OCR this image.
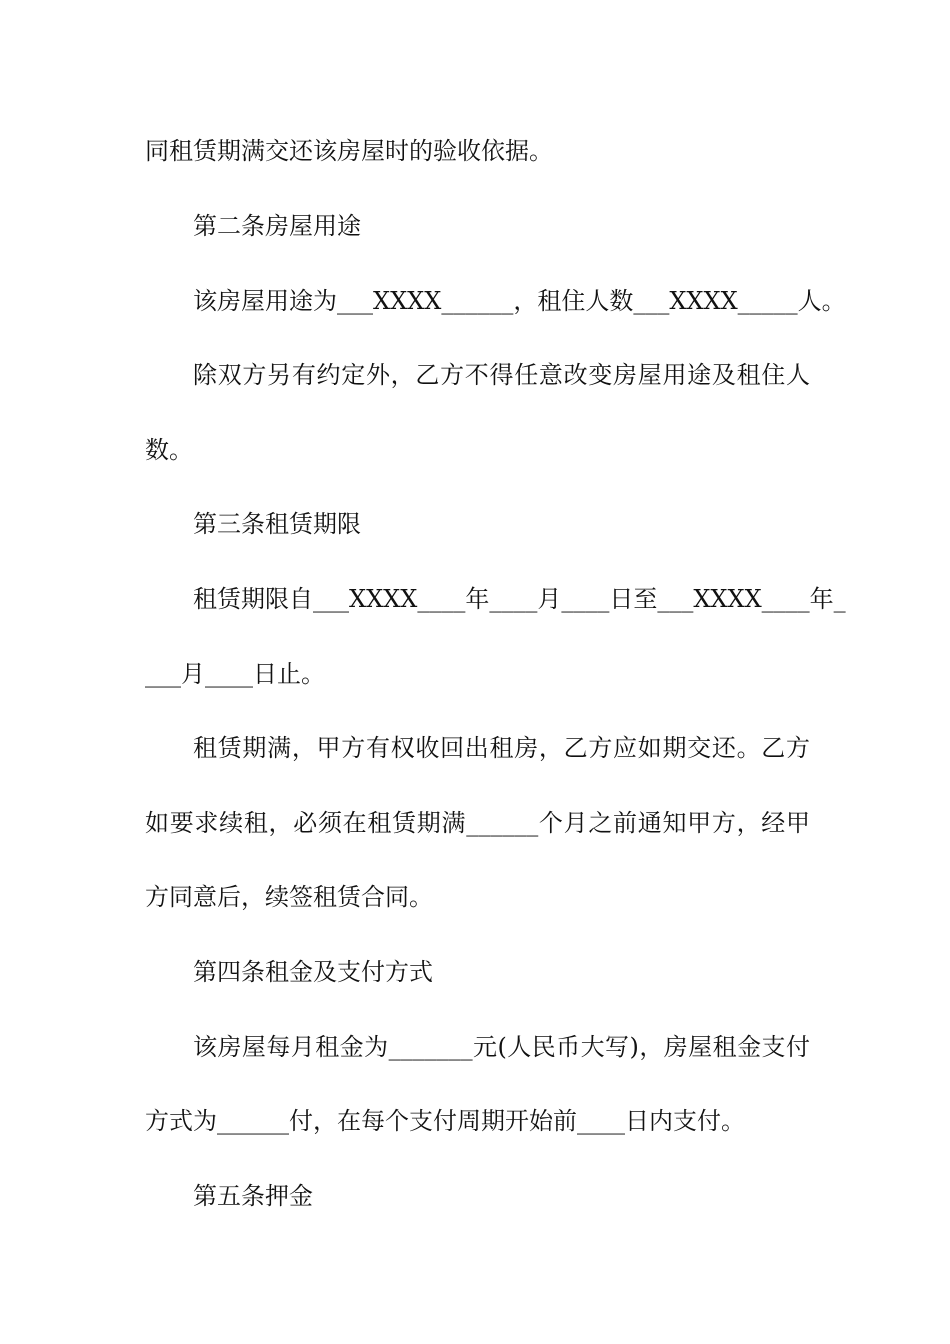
同租赁期满交还该房屋时的验收依据。
第二条房屋用途
该房屋用途为___XXXX______，租住人数___XXXX_____人。
除双方另有约定外，乙方不得任意改变房屋用途及租住人
数。
第三条租赁期限
租赁期限自___XXXX____年____月____日至___XXXX____年_
___月____日止。
租赁期满，甲方有权收回出租房，乙方应如期交还。乙方
如要求续租，必须在租赁期满______个月之前通知甲方，经甲
方同意后，续签租赁合同。
第四条租金及支付方式
该房屋每月租金为_______元(人民币大写)，房屋租金支付
方式为______付，在每个支付周期开始前____日内支付。
第五条押金
